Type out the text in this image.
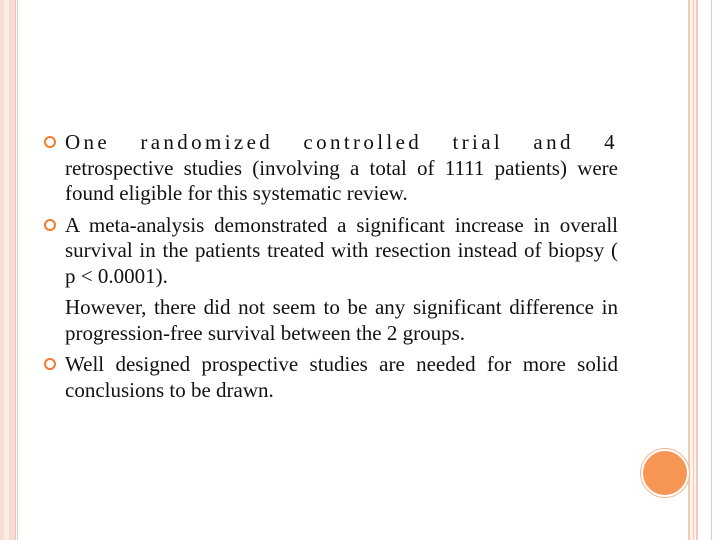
One randomized controlled trial and 4 retrospective studies (involving a total of 1111 patients) were found eligible for this systematic review.
A meta-analysis demonstrated a significant increase in overall survival in the patients treated with resection instead of biopsy ( p < 0.0001).
However, there did not seem to be any significant difference in progression-free survival between the 2 groups.
Well designed prospective studies are needed for more solid conclusions to be drawn.
